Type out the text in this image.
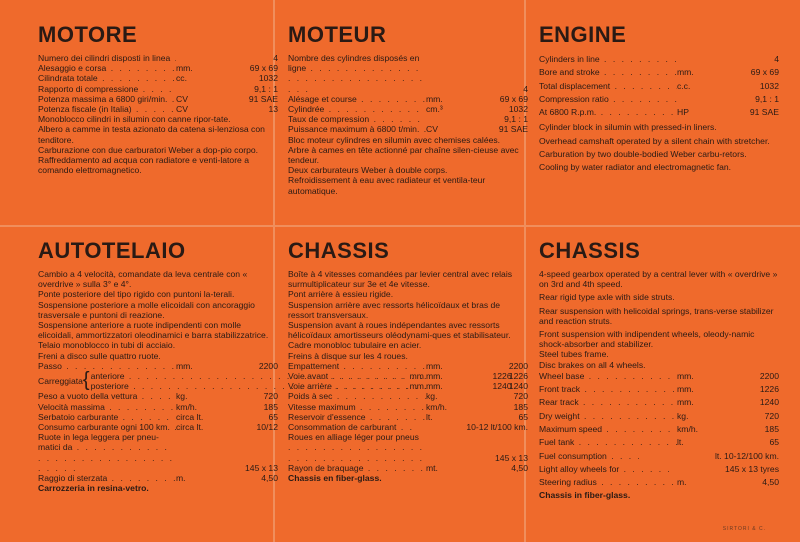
MOTORE
Numero dei cilindri disposti in linea . . .	4
Alesaggio e corsa . . .	mm.	69 x 69
Cilindrata totale . . .	cc.	1032
Rapporto di compressione . . .	9,1 : 1
Potenza massima a 6800 giri/min. . . . CV	91 SAE
Potenza fiscale (in Italia) . . .	CV	13
Monoblocco cilindri in silumin con canne ripor-tate.
Albero a camme in testa azionato da catena si-lenziosa con tenditore.
Carburazione con due carburatori Weber a dop-pio corpo.
Raffreddamento ad acqua con radiatore e venti-latore a comando elettromagnetico.
MOTEUR
Nombre des cylindres disposés en ligne . . .
4
Alésage et course . . .	mm.	69 x 69
Cylindrée . . .	cm.³	1032
Taux de compression . . .	9,1 : 1
Puissance maximum à 6800 t/min. . . . CV	91 SAE
Bloc moteur cylindres en silumin avec chemises calées.
Arbre à cames en tête actionné par chaîne silen-cieuse avec tendeur.
Deux carburateurs Weber à double corps.
Refroidissement à eau avec radiateur et ventila-teur automatique.
ENGINE
Cylinders in line . . .	4
Bore and stroke . . .	mm.	69 x 69
Total displacement . . .	c.c.	1032
Compression ratio . . .	9,1 : 1
At 6800 R.p.m. . . .	HP	91 SAE
Cylinder block in silumin with pressed-in liners.
Overhead camshaft operated by a silent chain with stretcher.
Carburation by two double-bodied Weber carbu-retors.
Cooling by water radiator and electromagnetic fan.
AUTOTELAIO
Cambio a 4 velocità, comandate da leva centrale con « overdrive » sulla 3° e 4°.
Ponte posteriore del tipo rigido con puntoni la-terali.
Sospensione posteriore a molle elicoidali con ancoraggio trasversale e puntoni di reazione.
Sospensione anteriore a ruote indipendenti con molle elicoidali, ammortizzatori oleodinamici e barra stabilizzatrice.
Telaio monoblocco in tubi di acciaio.
Freni a disco sulle quattro ruote.
Passo . . .	mm.	2200
Carreggiata { anteriore . . .	mm.	1226
posteriore . . .	mm.	1240
Peso a vuoto della vettura . . .	kg.	720
Velocità massima . . .	km/h.	185
Serbatoio carburante . . .	circa lt.	65
Consumo carburante ogni 100 km. . . . circa lt.	10/12
Ruote in lega leggera per pneu-matici da . . .
145 x 13
Raggio di sterzata . . .	m.	4,50
Carrozzeria in resina-vetro.
CHASSIS
Boîte à 4 vitesses comandées par levier central avec relais surmultiplicateur sur 3e et 4e vitesse.
Pont arrière à essieu rigide.
Suspension arrière avec ressorts hélicoïdaux et bras de ressort transversaux.
Suspension avant à roues indépendantes avec ressorts hélicoïdaux amortisseurs oléodynami-ques et stabilisateur.
Cadre monobloc tubulaire en acier.
Freins à disque sur les 4 roues.
Empattement . . .	mm.	2200
Voie avant . . .	mm.	1226
Voie arrière . . .	mm.	1240
Poids à sec . . .	kg.	720
Vitesse maximum . . .	km/h.	185
Reservoir d'essence . . .	lt.	65
Consommation de carburant . . .	10-12 lt/100 km.
Roues en alliage léger pour pneus . . .
145 x 13
Rayon de braquage . . .	mt.	4,50
Chassis en fiber-glass.
CHASSIS
4-speed gearbox operated by a central lever with « overdrive » on 3rd and 4th speed.
Rear rigid type axle with side struts.
Rear suspension with helicoidal springs, trans-verse stabilizer and reaction struts.
Front suspension with indipendent wheels, oleody-namic shock-absorber and stabilizer.
Steel tubes frame.
Disc brakes on all 4 wheels.
Wheel base . . .	mm.	2200
Front track . . .	mm.	1226
Rear track . . .	mm.	1240
Dry weight . . .	kg.	720
Maximum speed . . .	km/h.	185
Fuel tank . . .	lt.	65
Fuel consumption . . .	lt. 10-12/100 km.
Light alloy wheels for . . .	145 x 13 tyres
Steering radius . . .	m.	4,50
Chassis in fiber-glass.
SIRTORI & C.
